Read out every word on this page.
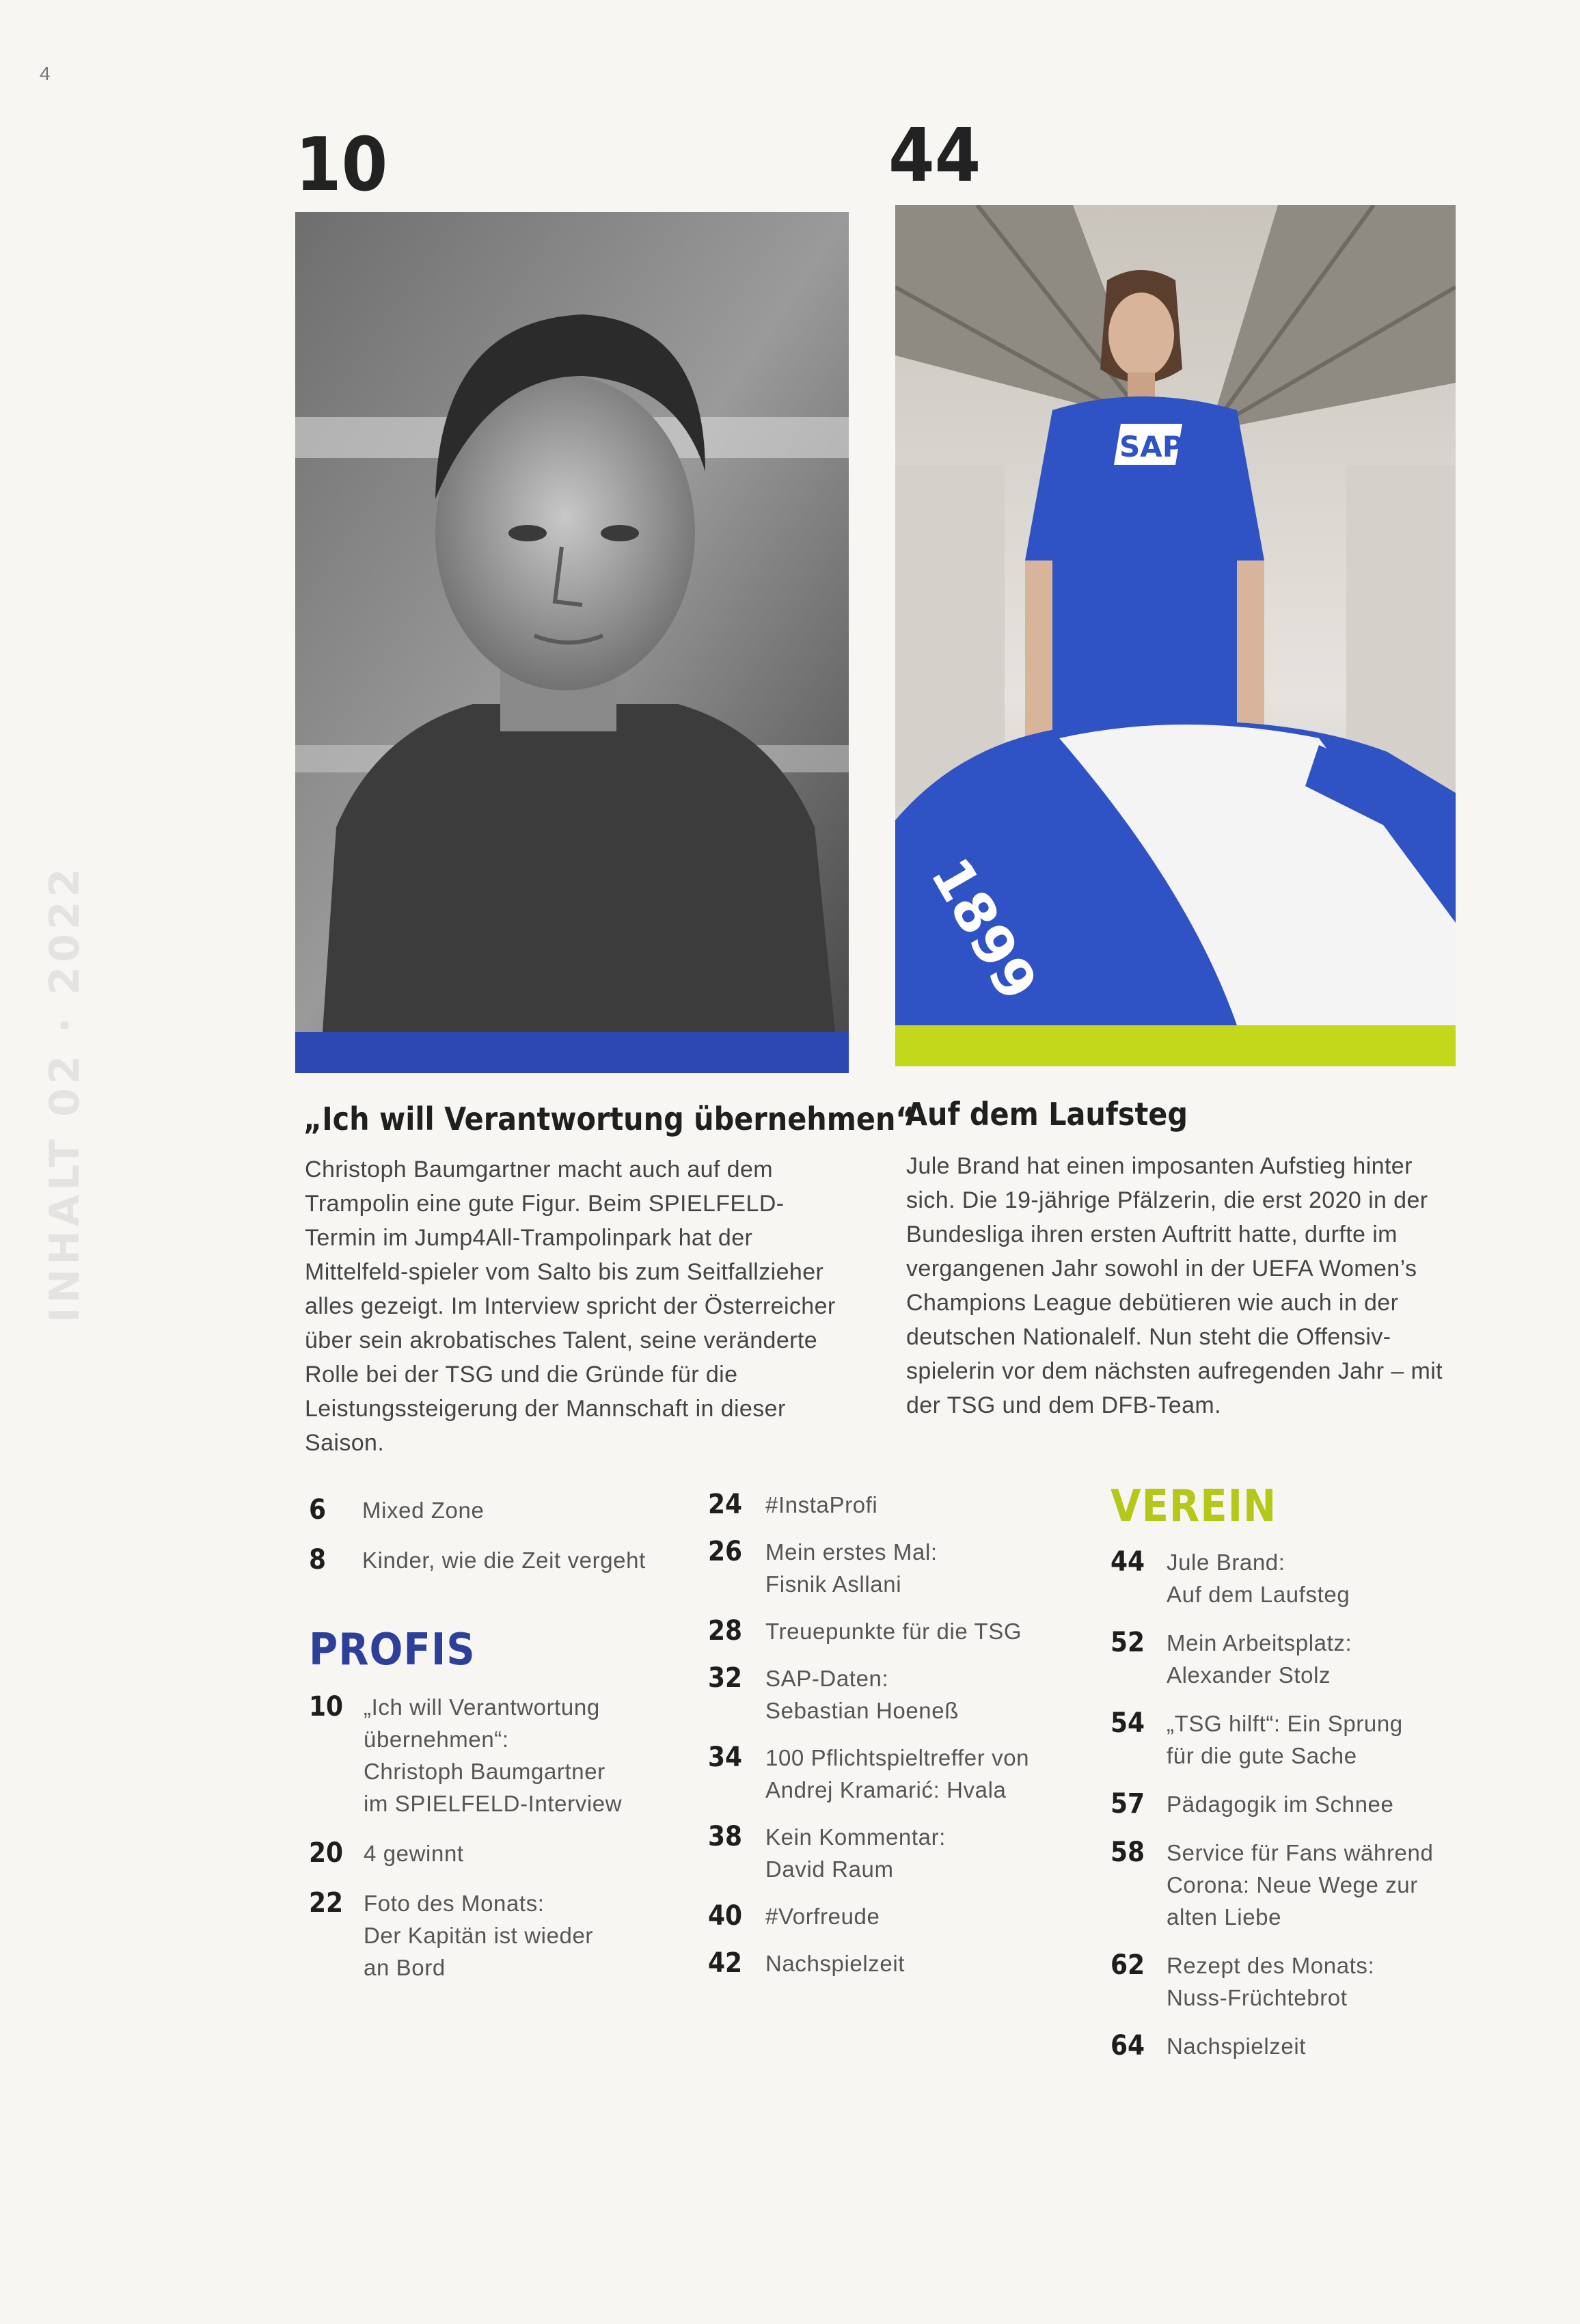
4
INHALT 02 · 2022
10
„Ich will Verantwortung übernehmen“
Christoph Baumgartner macht auch auf dem Trampolin eine gute Figur. Beim SPIELFELD-Termin im Jump4All-Trampolinpark hat der Mittelfeld-spieler vom Salto bis zum Seitfallzieher alles gezeigt. Im Interview spricht der Österreicher über sein akrobatisches Talent, seine veränderte Rolle bei der TSG und die Gründe für die Leistungssteigerung der Mannschaft in dieser Saison.
44
SAP
1899
Auf dem Laufsteg
Jule Brand hat einen imposanten Aufstieg hinter sich. Die 19-jährige Pfälzerin, die erst 2020 in der Bundesliga ihren ersten Auftritt hatte, durfte im vergangenen Jahr sowohl in der UEFA Women’s Champions League debütieren wie auch in der deutschen Nationalelf. Nun steht die Offensiv-spielerin vor dem nächsten aufregenden Jahr – mit der TSG und dem DFB-Team.
6	Mixed Zone
8	Kinder, wie die Zeit vergeht
PROFIS
10 „Ich will Verantwortung
übernehmen“:
Christoph Baumgartner
im SPIELFELD-Interview
20 4 gewinnt
22 Foto des Monats:
Der Kapitän ist wieder
an Bord
24	#InstaProfi
26	Mein erstes Mal:
Fisnik Asllani
28	Treuepunkte für die TSG
32	SAP-Daten:
Sebastian Hoeneß
34	100 Pflichtspieltreffer von
Andrej Kramarić: Hvala
38	Kein Kommentar:
David Raum
40	#Vorfreude
42	Nachspielzeit
VEREIN
44 Jule Brand:
Auf dem Laufsteg
52 Mein Arbeitsplatz:
Alexander Stolz
54 „TSG hilft“: Ein Sprung
für die gute Sache
57 Pädagogik im Schnee
58 Service für Fans während
Corona: Neue Wege zur
alten Liebe
62 Rezept des Monats:
Nuss-Früchtebrot
64 Nachspielzeit
